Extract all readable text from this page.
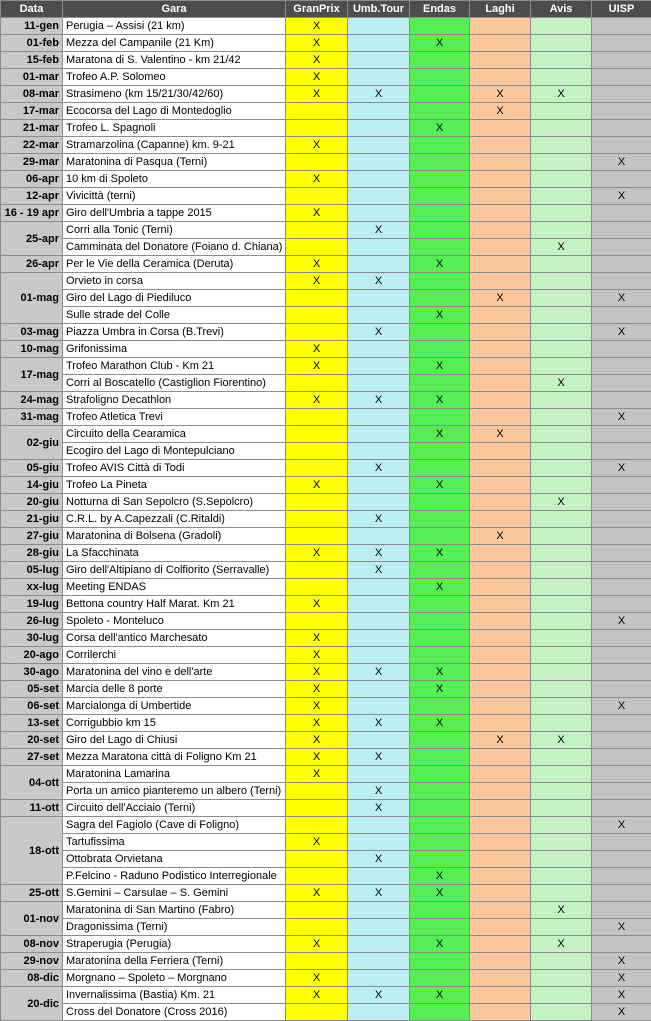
Data	Gara	GranPrix	Umb.Tour	Endas	Laghi	Avis	UISP
11-gen	Perugia – Assisi (21 km)	X					
01-feb	Mezza del Campanile (21 Km)	X		X			
15-feb	Maratona di S. Valentino - km 21/42	X					
01-mar	Trofeo A.P. Solomeo	X					
08-mar	Strasimeno (km 15/21/30/42/60)	X	X		X	X	
17-mar	Ecocorsa del Lago di Montedoglio				X		
21-mar	Trofeo L. Spagnoli			X			
22-mar	Stramarzolina (Capanne) km. 9-21	X					
29-mar	Maratonina di Pasqua (Terni)						X
06-apr	10 km di Spoleto	X					
12-apr	Vivicittà (terni)						X
16 - 19 apr	Giro dell'Umbria a tappe 2015	X					
25-apr	Corri alla Tonic (Terni)		X				
	Camminata del Donatore (Foiano d. Chiana)					X	
26-apr	Per le Vie della Ceramica (Deruta)	X		X			
01-mag	Orvieto in corsa	X	X				
	Giro del Lago di Piediluco				X		X
	Sulle strade del Colle			X			
03-mag	Piazza Umbra in Corsa (B.Trevi)		X				X
10-mag	Grifonissima	X					
17-mag	Trofeo Marathon Club - Km 21	X		X			
	Corri al Boscatello (Castiglion Fiorentino)					X	
24-mag	Strafoligno Decathlon	X	X	X			
31-mag	Trofeo Atletica Trevi						X
02-giu	Circuito della Cearamica			X	X		
	Ecogiro del Lago di Montepulciano						
05-giu	Trofeo AVIS Città di Todi		X				X
14-giu	Trofeo La Pineta	X		X			
20-giu	Notturna di San Sepolcro (S.Sepolcro)					X	
21-giu	C.R.L. by A.Capezzali (C.Ritaldi)		X				
27-giu	Maratonina di Bolsena (Gradoli)				X		
28-giu	La Sfacchinata	X	X	X			
05-lug	Giro dell'Altipiano di Colfiorito (Serravalle)		X				
xx-lug	Meeting ENDAS			X			
19-lug	Bettona country Half Marat. Km 21	X					
26-lug	Spoleto - Monteluco						X
30-lug	Corsa dell'antico Marchesato	X					
20-ago	Corrilerchi	X					
30-ago	Maratonina del vino e dell'arte	X	X	X			
05-set	Marcia delle 8 porte	X		X			
06-set	Marcialonga di Umbertide	X					X
13-set	Corrigubbio km 15	X	X	X			
20-set	Giro del Lago di Chiusi	X			X	X	
27-set	Mezza Maratona città di Foligno Km 21	X	X				
04-ott	Maratonina Lamarina	X					
	Porta un amico pianteremo un albero (Terni)		X				
11-ott	Circuito dell'Acciaio (Terni)		X				
18-ott	Sagra del Fagiolo (Cave di Foligno)						X
	Tartufissima	X					
	Ottobrata Orvietana		X				
	P.Felcino - Raduno Podistico Interregionale			X			
25-ott	S.Gemini – Carsulae – S. Gemini	X	X	X			
01-nov	Maratonina di San Martino (Fabro)					X	
	Dragonissima (Terni)						X
08-nov	Straperugia (Perugia)	X		X		X	
29-nov	Maratonina della Ferriera (Terni)						X
08-dic	Morgnano – Spoleto – Morgnano	X					X
20-dic	Invernalissima (Bastia) Km. 21	X	X	X			X
	Cross del Donatore (Cross 2016)						X
